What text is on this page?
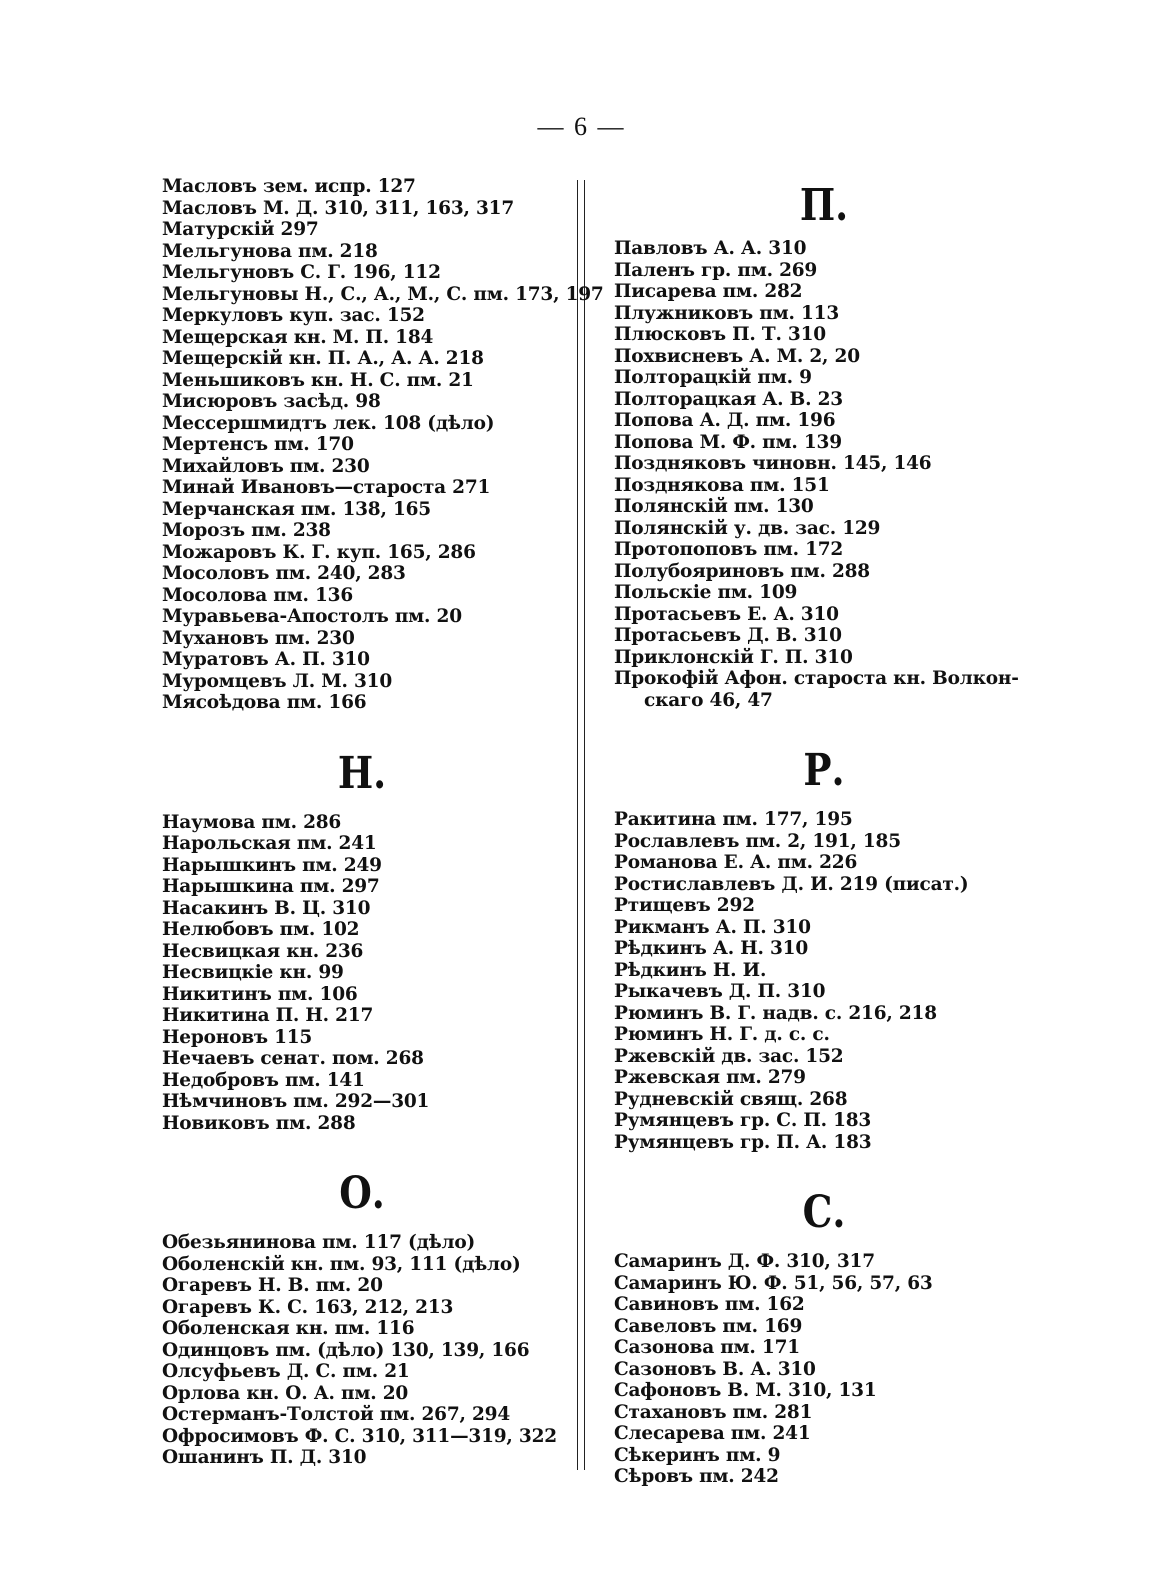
— 6 —
Масловъ зем. испр. 127
Масловъ М. Д. 310, 311, 163, 317
Матурскій 297
Мельгунова пм. 218
Мельгуновъ С. Г. 196, 112
Мельгуновы Н., С., А., М., С. пм. 173, 197
Меркуловъ куп. зас. 152
Мещерская кн. М. П. 184
Мещерскій кн. П. А., А. А. 218
Меньшиковъ кн. Н. С. пм. 21
Мисюровъ засѣд. 98
Мессершмидтъ лек. 108 (дѣло)
Мертенсъ пм. 170
Михайловъ пм. 230
Минай Ивановъ—староста 271
Мерчанская пм. 138, 165
Морозъ пм. 238
Можаровъ К. Г. куп. 165, 286
Мосоловъ пм. 240, 283
Мосолова пм. 136
Муравьева-Апостолъ пм. 20
Мухановъ пм. 230
Муратовъ А. П. 310
Муромцевъ Л. М. 310
Мясоѣдова пм. 166
Н.
Наумова пм. 286
Нарольская пм. 241
Нарышкинъ пм. 249
Нарышкина пм. 297
Насакинъ В. Ц. 310
Нелюбовъ пм. 102
Несвицкая кн. 236
Несвицкіе кн. 99
Никитинъ пм. 106
Никитина П. Н. 217
Нероновъ 115
Нечаевъ сенат. пом. 268
Недобровъ пм. 141
Нѣмчиновъ пм. 292—301
Новиковъ пм. 288
О.
Обезьянинова пм. 117 (дѣло)
Оболенскій кн. пм. 93, 111 (дѣло)
Огаревъ Н. В. пм. 20
Огаревъ К. С. 163, 212, 213
Оболенская кн. пм. 116
Одинцовъ пм. (дѣло) 130, 139, 166
Олсуфьевъ Д. С. пм. 21
Орлова кн. О. А. пм. 20
Остерманъ-Толстой пм. 267, 294
Офросимовъ Ф. С. 310, 311—319, 322
Ошанинъ П. Д. 310
П.
Павловъ А. А. 310
Паленъ гр. пм. 269
Писарева пм. 282
Плужниковъ пм. 113
Плюсковъ П. Т. 310
Похвисневъ А. М. 2, 20
Полторацкій пм. 9
Полторацкая А. В. 23
Попова А. Д. пм. 196
Попова М. Ф. пм. 139
Поздняковъ чиновн. 145, 146
Позднякова пм. 151
Полянскій пм. 130
Полянскій у. дв. зас. 129
Протопоповъ пм. 172
Полубояриновъ пм. 288
Польскіе пм. 109
Протасьевъ Е. А. 310
Протасьевъ Д. В. 310
Приклонскій Г. П. 310
Прокофій Афон. староста кн. Волкон-
скаго 46, 47
Р.
Ракитина пм. 177, 195
Рославлевъ пм. 2, 191, 185
Романова Е. А. пм. 226
Ростиславлевъ Д. И. 219 (писат.)
Ртищевъ 292
Рикманъ А. П. 310
Рѣдкинъ А. Н. 310
Рѣдкинъ Н. И.
Рыкачевъ Д. П. 310
Рюминъ В. Г. надв. с. 216, 218
Рюминъ Н. Г. д. с. с.
Ржевскій дв. зас. 152
Ржевская пм. 279
Рудневскій свящ. 268
Румянцевъ гр. С. П. 183
Румянцевъ гр. П. А. 183
С.
Самаринъ Д. Ф. 310, 317
Самаринъ Ю. Ф. 51, 56, 57, 63
Савиновъ пм. 162
Савеловъ пм. 169
Сазонова пм. 171
Сазоновъ В. А. 310
Сафоновъ В. М. 310, 131
Стахановъ пм. 281
Слесарева пм. 241
Сѣкеринъ пм. 9
Сѣровъ пм. 242
